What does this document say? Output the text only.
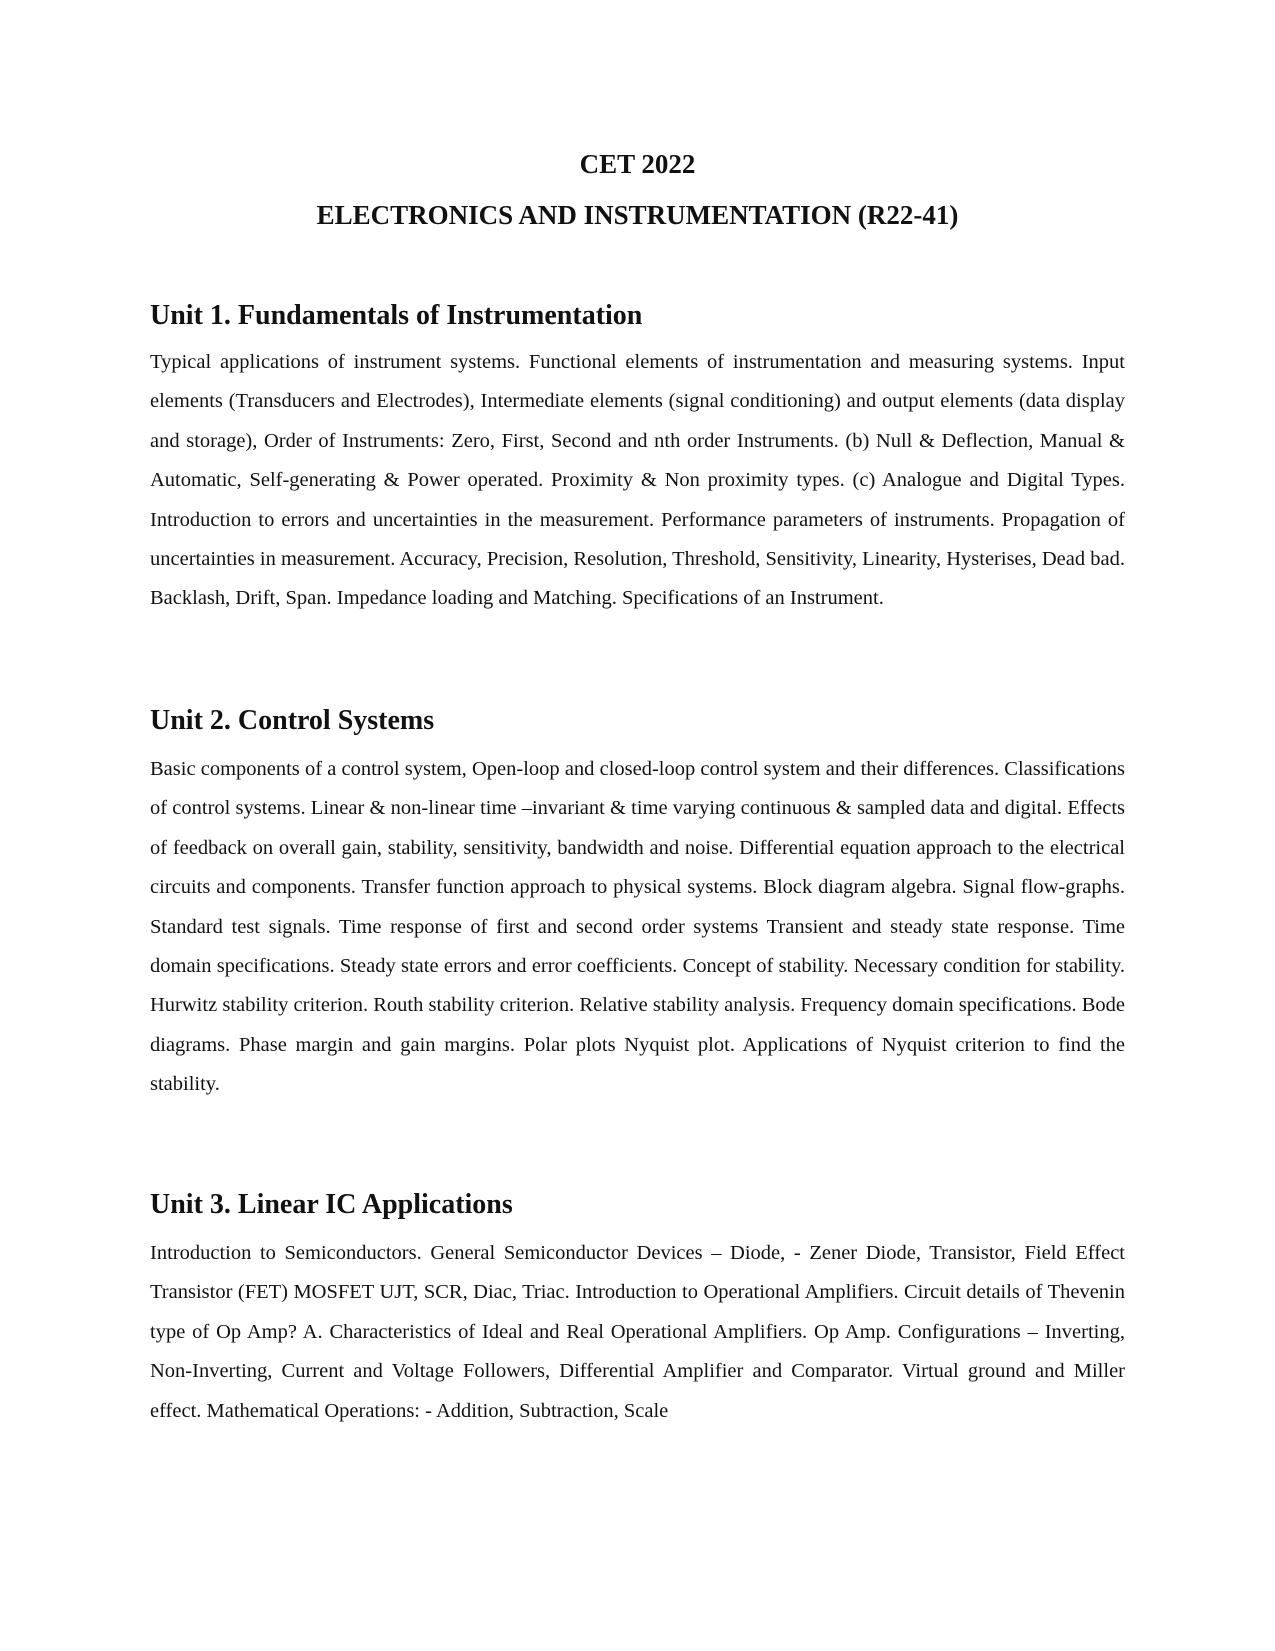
CET 2022
ELECTRONICS AND INSTRUMENTATION (R22-41)
Unit 1. Fundamentals of Instrumentation

Typical applications of instrument systems. Functional elements of instrumentation and measuring systems. Input elements (Transducers and Electrodes), Intermediate elements (signal conditioning) and output elements (data display and storage), Order of Instruments: Zero, First, Second and nth order Instruments. (b) Null & Deflection, Manual & Automatic, Self-generating & Power operated. Proximity & Non proximity types. (c) Analogue and Digital Types. Introduction to errors and uncertainties in the measurement. Performance parameters of instruments. Propagation of uncertainties in measurement. Accuracy, Precision, Resolution, Threshold, Sensitivity, Linearity, Hysterises, Dead bad. Backlash, Drift, Span. Impedance loading and Matching. Specifications of an Instrument.

Unit 2. Control Systems

Basic components of a control system, Open-loop and closed-loop control system and their differences. Classifications of control systems. Linear & non-linear time –invariant & time varying continuous & sampled data and digital. Effects of feedback on overall gain, stability, sensitivity, bandwidth and noise. Differential equation approach to the electrical circuits and components. Transfer function approach to physical systems. Block diagram algebra. Signal flow-graphs. Standard test signals. Time response of first and second order systems Transient and steady state response. Time domain specifications. Steady state errors and error coefficients. Concept of stability. Necessary condition for stability. Hurwitz stability criterion. Routh stability criterion. Relative stability analysis. Frequency domain specifications. Bode diagrams. Phase margin and gain margins. Polar plots Nyquist plot. Applications of Nyquist criterion to find the stability.

Unit 3. Linear IC Applications

Introduction to Semiconductors. General Semiconductor Devices – Diode, - Zener Diode, Transistor, Field Effect Transistor (FET) MOSFET UJT, SCR, Diac, Triac. Introduction to Operational Amplifiers. Circuit details of Thevenin type of Op Amp? A. Characteristics of Ideal and Real Operational Amplifiers. Op Amp. Configurations – Inverting, Non-Inverting, Current and Voltage Followers, Differential Amplifier and Comparator. Virtual ground and Miller effect. Mathematical Operations: - Addition, Subtraction, Scale
